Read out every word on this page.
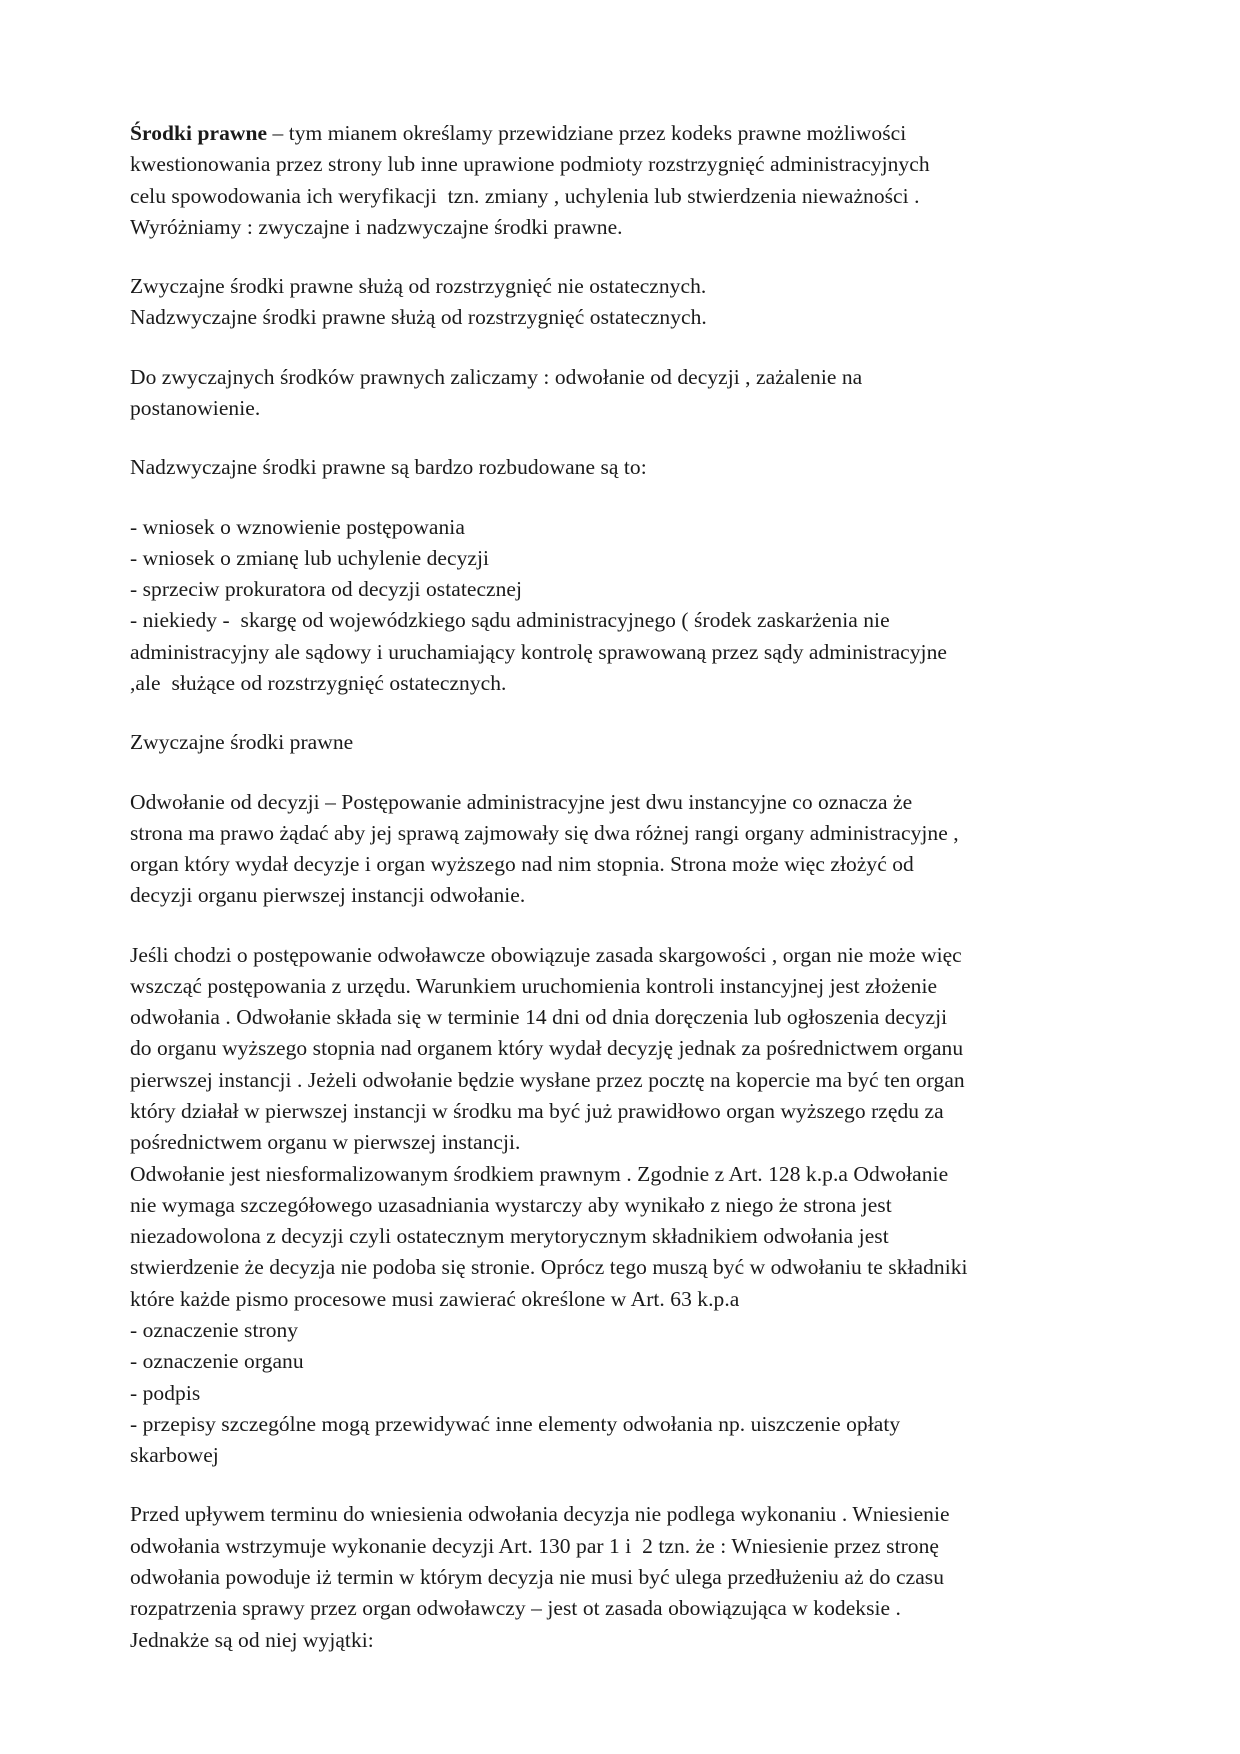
Środki prawne – tym mianem określamy przewidziane przez kodeks prawne możliwości kwestionowania przez strony lub inne uprawione podmioty rozstrzygnięć administracyjnych celu spowodowania ich weryfikacji  tzn. zmiany , uchylenia lub stwierdzenia nieważności . Wyróżniamy : zwyczajne i nadzwyczajne środki prawne.

Zwyczajne środki prawne służą od rozstrzygnięć nie ostatecznych.

Nadzwyczajne środki prawne służą od rozstrzygnięć ostatecznych.

Do zwyczajnych środków prawnych zaliczamy : odwołanie od decyzji , zażalenie na postanowienie.

Nadzwyczajne środki prawne są bardzo rozbudowane są to:

- wniosek o wznowienie postępowania

- wniosek o zmianę lub uchylenie decyzji

- sprzeciw prokuratora od decyzji ostatecznej

- niekiedy -  skargę od wojewódzkiego sądu administracyjnego ( środek zaskarżenia nie administracyjny ale sądowy i uruchamiający kontrolę sprawowaną przez sądy administracyjne ,ale  służące od rozstrzygnięć ostatecznych.

Zwyczajne środki prawne

Odwołanie od decyzji – Postępowanie administracyjne jest dwu instancyjne co oznacza że strona ma prawo żądać aby jej sprawą zajmowały się dwa różnej rangi organy administracyjne , organ który wydał decyzje i organ wyższego nad nim stopnia. Strona może więc złożyć od decyzji organu pierwszej instancji odwołanie.

Jeśli chodzi o postępowanie odwoławcze obowiązuje zasada skargowości , organ nie może więc wszcząć postępowania z urzędu. Warunkiem uruchomienia kontroli instancyjnej jest złożenie odwołania . Odwołanie składa się w terminie 14 dni od dnia doręczenia lub ogłoszenia decyzji do organu wyższego stopnia nad organem który wydał decyzję jednak za pośrednictwem organu pierwszej instancji . Jeżeli odwołanie będzie wysłane przez pocztę na kopercie ma być ten organ który działał w pierwszej instancji w środku ma być już prawidłowo organ wyższego rzędu za pośrednictwem organu w pierwszej instancji.

Odwołanie jest niesformalizowanym środkiem prawnym . Zgodnie z Art. 128 k.p.a Odwołanie nie wymaga szczegółowego uzasadniania wystarczy aby wynikało z niego że strona jest niezadowolona z decyzji czyli ostatecznym merytorycznym składnikiem odwołania jest stwierdzenie że decyzja nie podoba się stronie. Oprócz tego muszą być w odwołaniu te składniki które każde pismo procesowe musi zawierać określone w Art. 63 k.p.a

- oznaczenie strony

- oznaczenie organu

- podpis

- przepisy szczególne mogą przewidywać inne elementy odwołania np. uiszczenie opłaty skarbowej

Przed upływem terminu do wniesienia odwołania decyzja nie podlega wykonaniu . Wniesienie odwołania wstrzymuje wykonanie decyzji Art. 130 par 1 i  2 tzn. że : Wniesienie przez stronę odwołania powoduje iż termin w którym decyzja nie musi być ulega przedłużeniu aż do czasu rozpatrzenia sprawy przez organ odwoławczy – jest ot zasada obowiązująca w kodeksie . Jednakże są od niej wyjątki:
